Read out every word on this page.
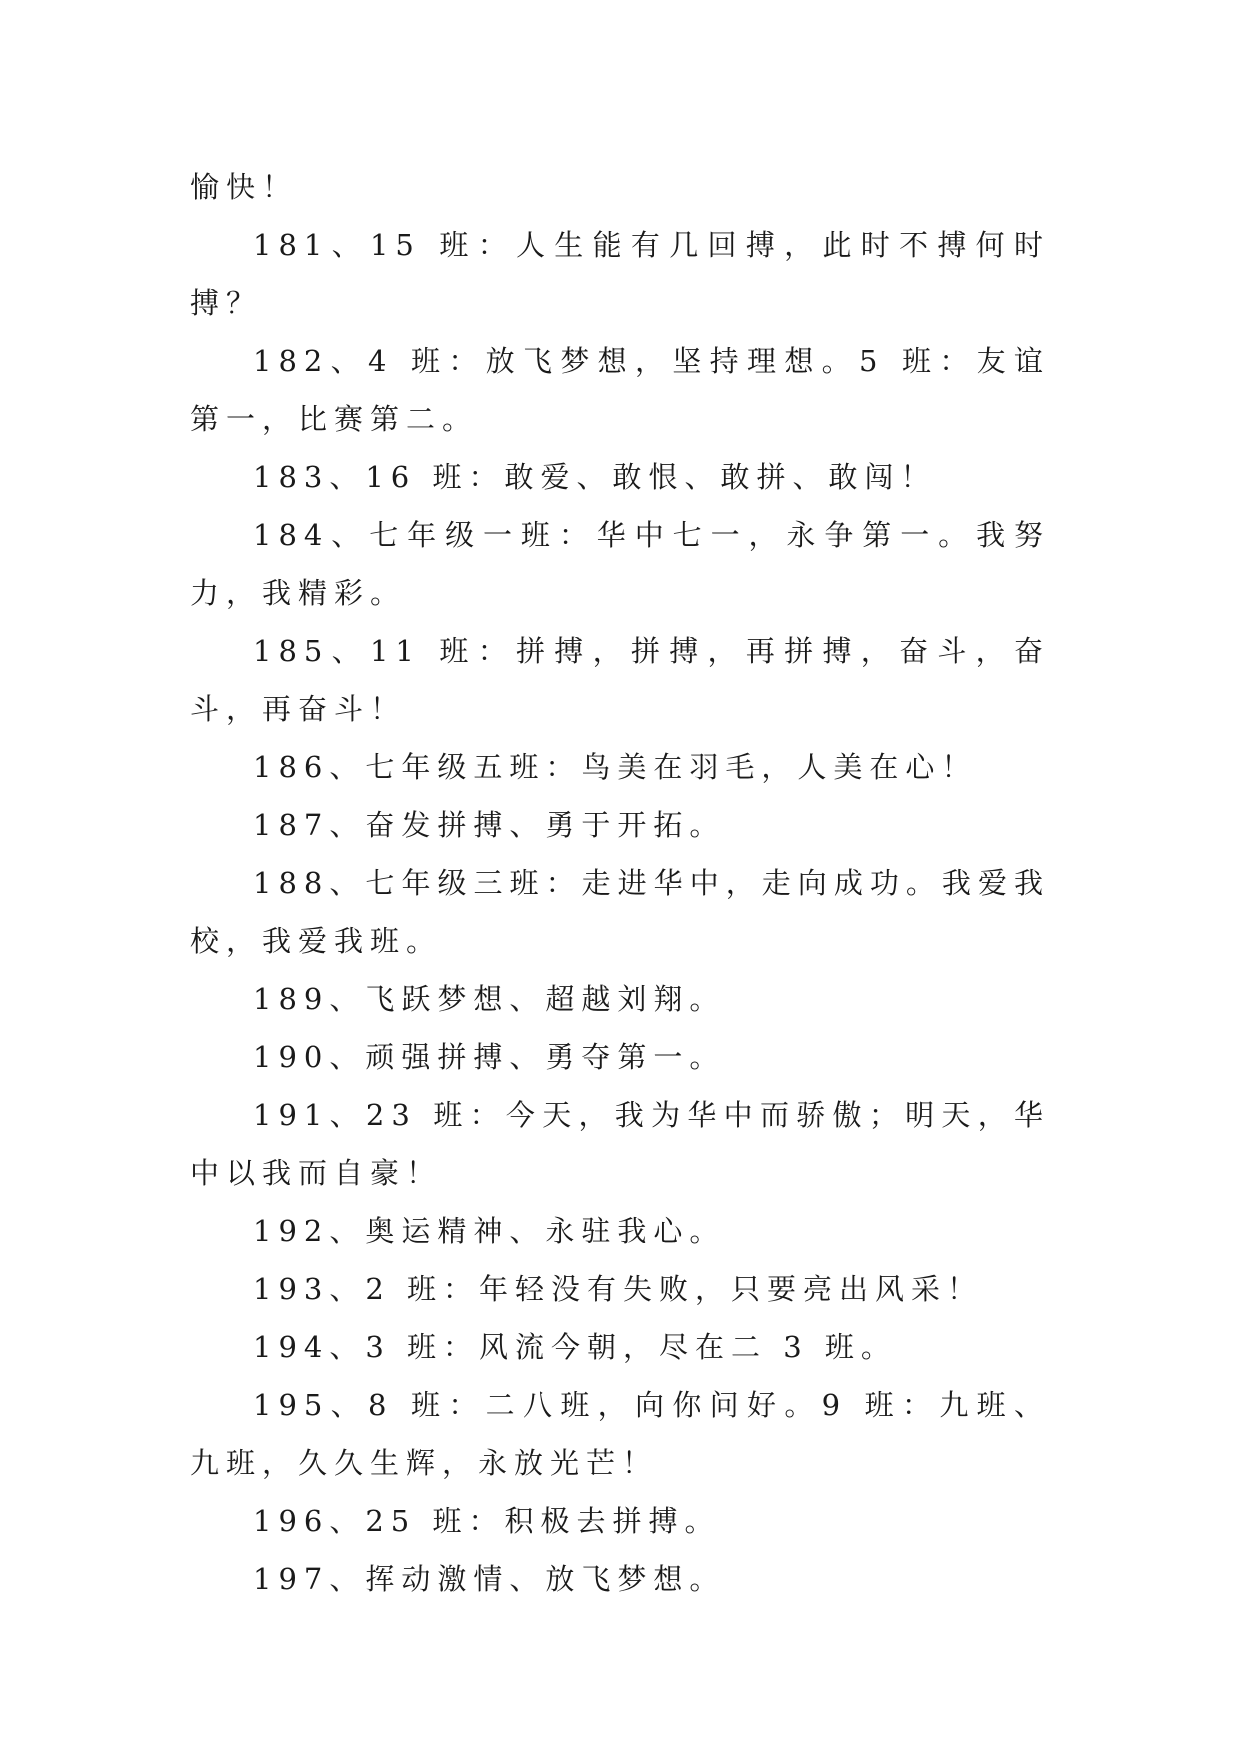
愉快！

181、15 班：人生能有几回搏，此时不搏何时搏？

182、4 班：放飞梦想，坚持理想。5 班：友谊第一，比赛第二。

183、16 班：敢爱、敢恨、敢拼、敢闯！

184、七年级一班：华中七一，永争第一。我努力，我精彩。

185、11 班：拼搏，拼搏，再拼搏，奋斗，奋斗，再奋斗！

186、七年级五班：鸟美在羽毛，人美在心！

187、奋发拼搏、勇于开拓。

188、七年级三班：走进华中，走向成功。我爱我校，我爱我班。

189、飞跃梦想、超越刘翔。

190、顽强拼搏、勇夺第一。

191、23 班：今天，我为华中而骄傲；明天，华中以我而自豪！

192、奥运精神、永驻我心。

193、2 班：年轻没有失败，只要亮出风采！

194、3 班：风流今朝，尽在二 3 班。

195、8 班：二八班，向你问好。9 班：九班、九班，久久生辉，永放光芒！

196、25 班：积极去拼搏。

197、挥动激情、放飞梦想。
